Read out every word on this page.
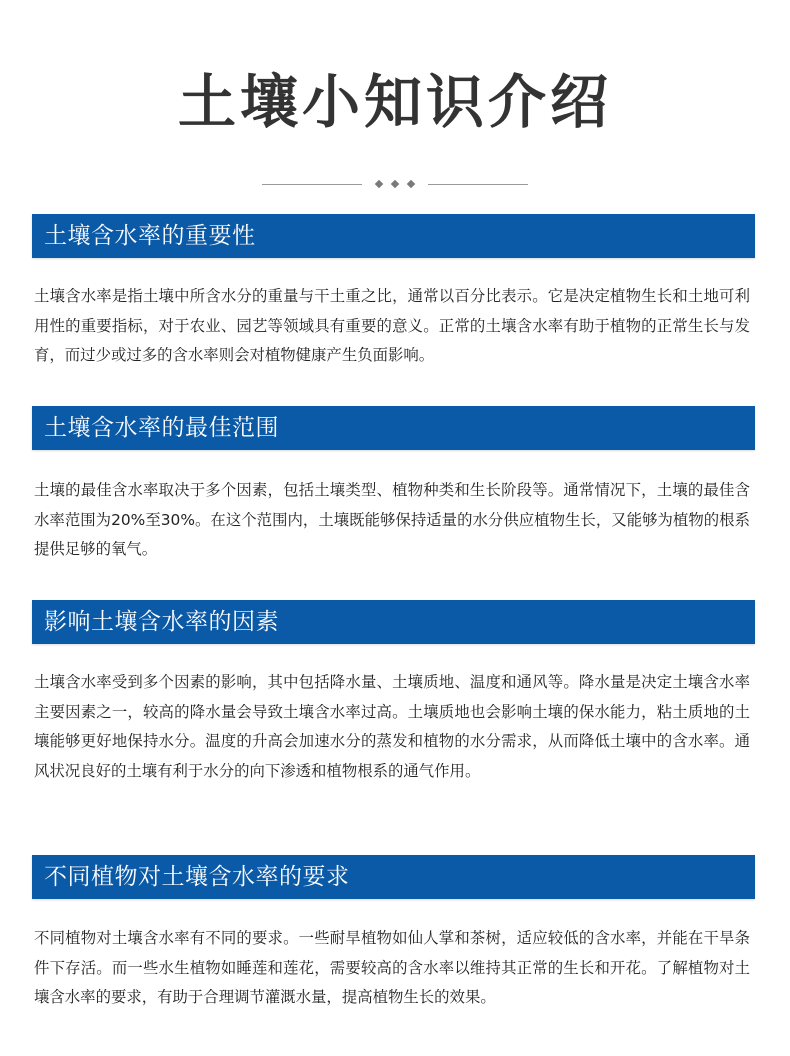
土壤小知识介绍
土壤含水率的重要性

土壤含水率是指土壤中所含水分的重量与干土重之比，通常以百分比表示。它是决定植物生长和土地可利用性的重要指标，对于农业、园艺等领域具有重要的意义。正常的土壤含水率有助于植物的正常生长与发育，而过少或过多的含水率则会对植物健康产生负面影响。

土壤含水率的最佳范围

土壤的最佳含水率取决于多个因素，包括土壤类型、植物种类和生长阶段等。通常情况下，土壤的最佳含水率范围为20%至30%。在这个范围内，土壤既能够保持适量的水分供应植物生长，又能够为植物的根系提供足够的氧气。

影响土壤含水率的因素

土壤含水率受到多个因素的影响，其中包括降水量、土壤质地、温度和通风等。降水量是决定土壤含水率主要因素之一，较高的降水量会导致土壤含水率过高。土壤质地也会影响土壤的保水能力，粘土质地的土壤能够更好地保持水分。温度的升高会加速水分的蒸发和植物的水分需求，从而降低土壤中的含水率。通风状况良好的土壤有利于水分的向下渗透和植物根系的通气作用。

不同植物对土壤含水率的要求

不同植物对土壤含水率有不同的要求。一些耐旱植物如仙人掌和茶树，适应较低的含水率，并能在干旱条件下存活。而一些水生植物如睡莲和莲花，需要较高的含水率以维持其正常的生长和开花。了解植物对土壤含水率的要求，有助于合理调节灌溉水量，提高植物生长的效果。
